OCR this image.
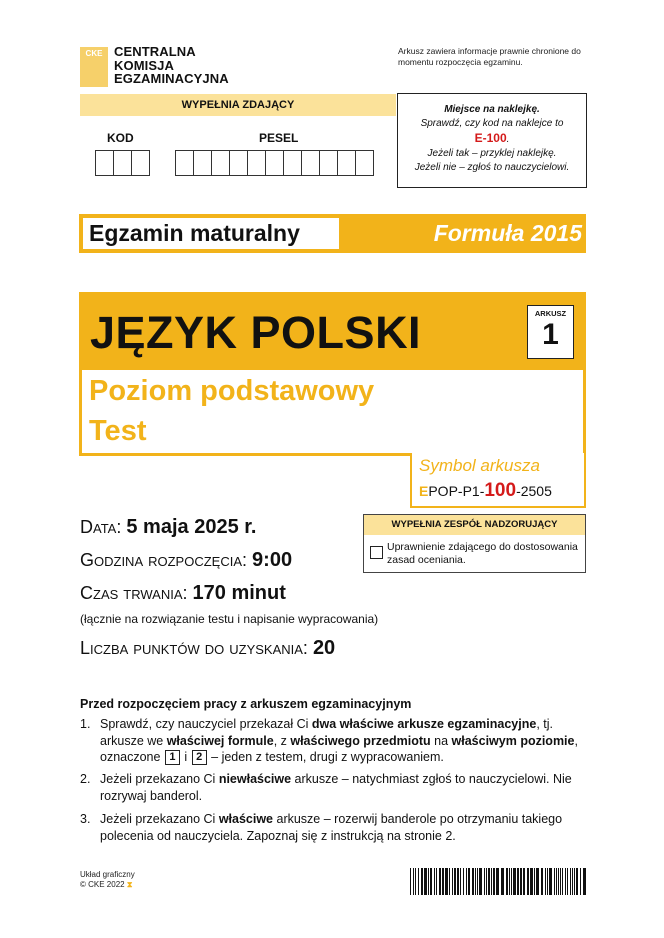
CKE CENTRALNA
KOMISJA
EGZAMINACYJNA
Arkusz zawiera informacje prawnie chronione do momentu rozpoczęcia egzaminu.
WYPEŁNIA ZDAJĄCY
KOD	PESEL
Miejsce na naklejkę.
Sprawdź, czy kod na naklejce to
E-100.
Jeżeli tak – przyklej naklejkę.
Jeżeli nie – zgłoś to nauczycielowi.
Egzamin maturalny	Formuła 2015
JĘZYK POLSKI	ARKUSZ
1
Poziom podstawowy
Test
Symbol arkusza
EPOP-P1-100-2505
Data: 5 maja 2025 r.
Godzina rozpoczęcia: 9:00
Czas trwania: 170 minut
(łącznie na rozwiązanie testu i napisanie wypracowania)
Liczba punktów do uzyskania: 20
WYPEŁNIA ZESPÓŁ NADZORUJĄCY
Uprawnienie zdającego do dostosowania zasad oceniania.
Przed rozpoczęciem pracy z arkuszem egzaminacyjnym
1. Sprawdź, czy nauczyciel przekazał Ci dwa właściwe arkusze egzaminacyjne, tj. arkusze we właściwej formule, z właściwego przedmiotu na właściwym poziomie, oznaczone 1 i 2 – jeden z testem, drugi z wypracowaniem.
2. Jeżeli przekazano Ci niewłaściwe arkusze – natychmiast zgłoś to nauczycielowi. Nie rozrywaj banderol.
3. Jeżeli przekazano Ci właściwe arkusze – rozerwij banderole po otrzymaniu takiego polecenia od nauczyciela. Zapoznaj się z instrukcją na stronie 2.
Układ graficzny
© CKE 2022 ⧗
